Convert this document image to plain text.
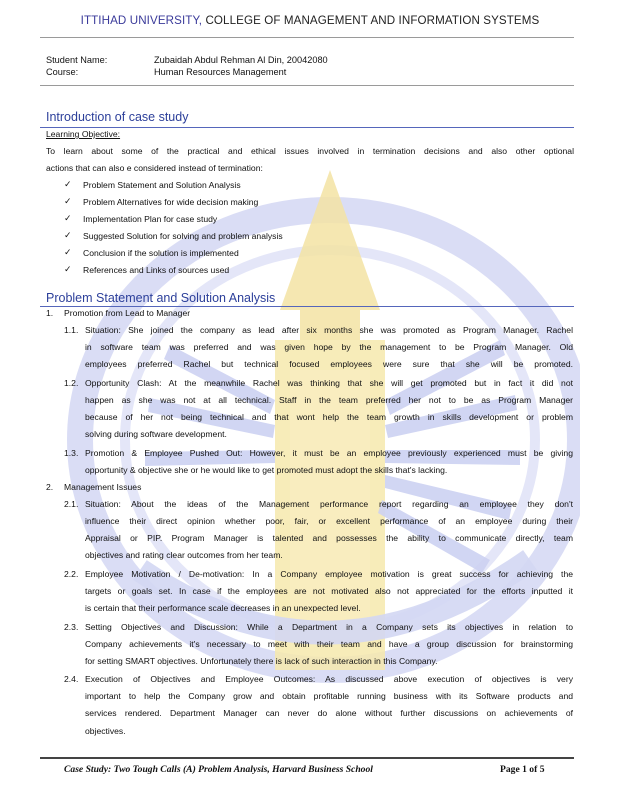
ITTIHAD UNIVERSITY, COLLEGE OF MANAGEMENT AND INFORMATION SYSTEMS
Student Name:	Zubaidah Abdul Rehman Al Din, 20042080
Course:	Human Resources Management
Introduction of case study
Learning Objective:
To learn about some of the practical and ethical issues involved in termination decisions and also other optional
actions that can also e considered instead of termination:
✓ Problem Statement and Solution Analysis
✓ Problem Alternatives for wide decision making
✓ Implementation Plan for case study
✓ Suggested Solution for solving and problem analysis
✓ Conclusion if the solution is implemented
✓ References and Links of sources used
Problem Statement and Solution Analysis
1. Promotion from Lead to Manager
1.1. Situation: She joined the company as lead after six months she was promoted as Program Manager. Rachel
in software team was preferred and was given hope by the management to be Program Manager. Old
employees preferred Rachel but technical focused employees were sure that she will be promoted.
1.2. Opportunity Clash: At the meanwhile Rachel was thinking that she will get promoted but in fact it did not
happen as she was not at all technical. Staff in the team preferred her not to be as Program Manager
because of her not being technical and that wont help the team growth in skills development or problem
solving during software development.
1.3. Promotion & Employee Pushed Out: However, it must be an employee previously experienced must be giving
opportunity & objective she or he would like to get promoted must adopt the skills that's lacking.
2. Management Issues
2.1. Situation: About the ideas of the Management performance report regarding an employee they don't
influence their direct opinion whether poor, fair, or excellent performance of an employee during their
Appraisal or PIP. Program Manager is talented and possesses the ability to communicate directly, team
objectives and rating clear outcomes from her team.
2.2. Employee Motivation / De-motivation: In a Company employee motivation is great success for achieving the
targets or goals set. In case if the employees are not motivated also not appreciated for the efforts inputted it
is certain that their performance scale decreases in an unexpected level.
2.3. Setting Objectives and Discussion: While a Department in a Company sets its objectives in relation to
Company achievements it's necessary to meet with their team and have a group discussion for brainstorming
for setting SMART objectives. Unfortunately there is lack of such interaction in this Company.
2.4. Execution of Objectives and Employee Outcomes: As discussed above execution of objectives is very
important to help the Company grow and obtain profitable running business with its Software products and
services rendered. Department Manager can never do alone without further discussions on achievements of
objectives.
Case Study: Two Tough Calls (A) Problem Analysis, Harvard Business School	Page 1 of 5
